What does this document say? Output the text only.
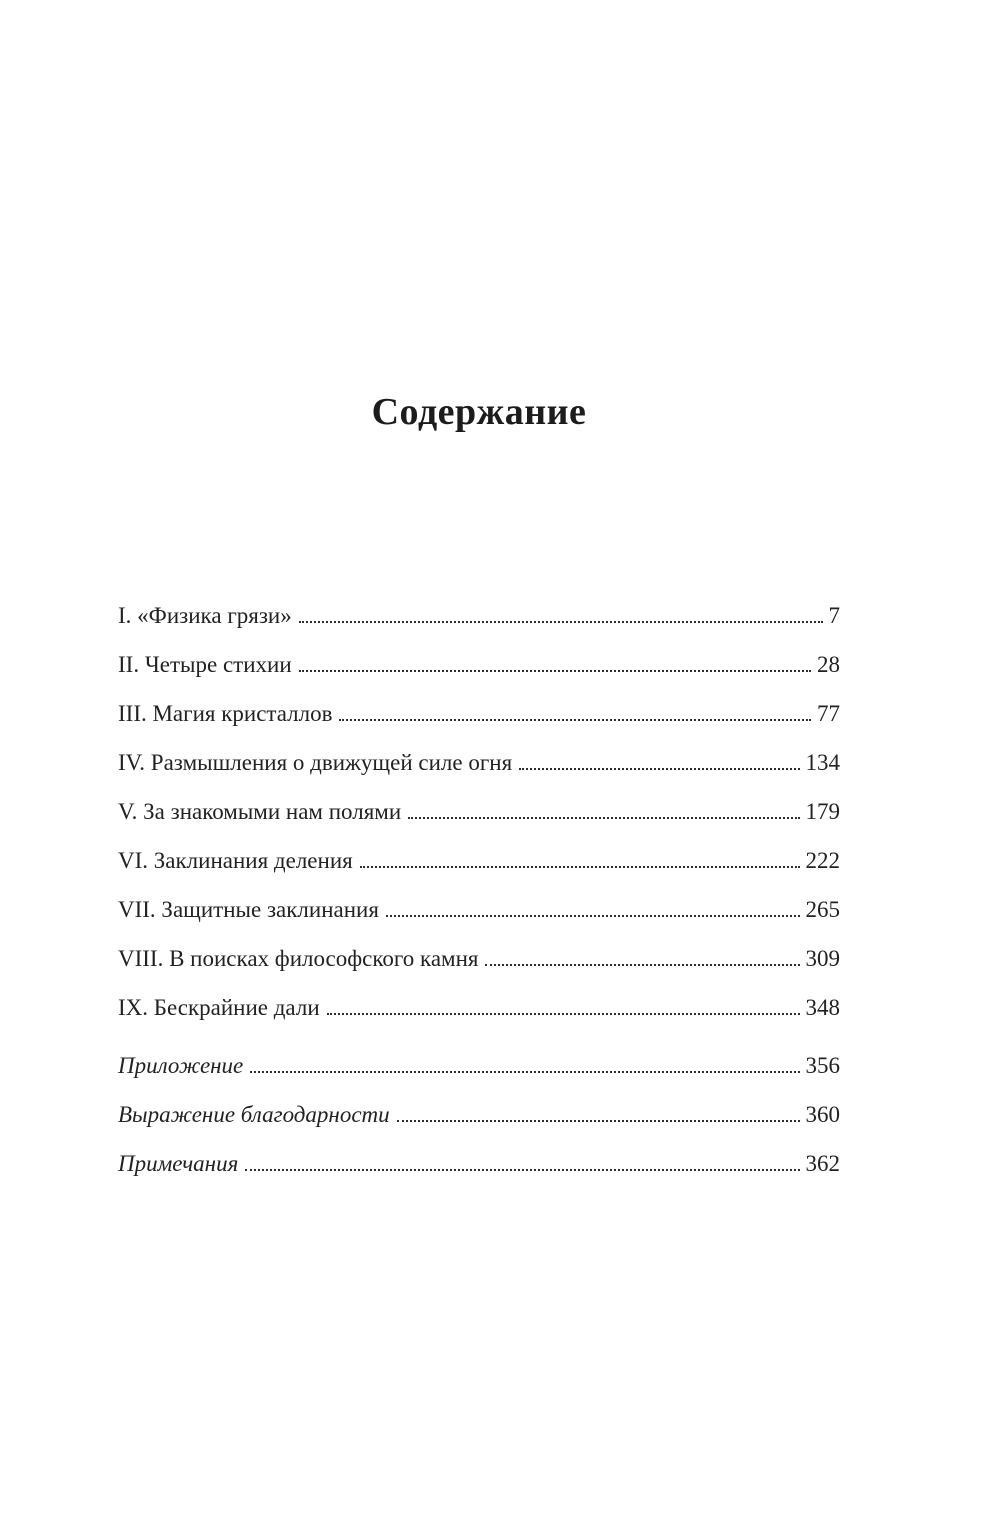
Содержание
I. «Физика грязи»	7
II. Четыре стихии	28
III. Магия кристаллов	77
IV. Размышления о движущей силе огня	134
V. За знакомыми нам полями	179
VI. Заклинания деления	222
VII. Защитные заклинания	265
VIII. В поисках философского камня	309
IX. Бескрайние дали	348
Приложение	356
Выражение благодарности	360
Примечания	362
